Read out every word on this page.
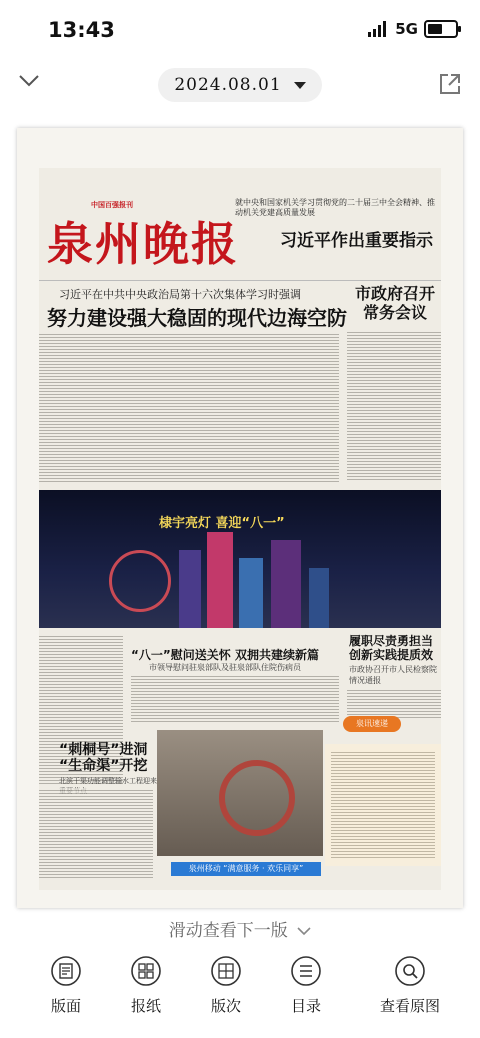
13:43	5G
2024.08.01
中国百强报刊
泉州晚报
就中央和国家机关学习贯彻党的二十届三中全会精神、推动机关党建高质量发展
习近平作出重要指示
习近平在中共中央政治局第十六次集体学习时强调
努力建设强大稳固的现代边海空防
市政府召开常务会议
棣宇亮灯 喜迎“八一”
“八一”慰问送关怀 双拥共建续新篇
市领导慰问驻泉部队及驻泉部队住院伤病员
履职尽责勇担当 创新实践提质效
市政协召开市人民检察院情况通报
“刺桐号”进洞 “生命渠”开挖
北滨干渠功能调整输水工程迎来
泉讯速递
泉州移动 “满意服务 · 欢乐同享”
滑动查看下一版
版面	报纸	版次	目录	查看原图
